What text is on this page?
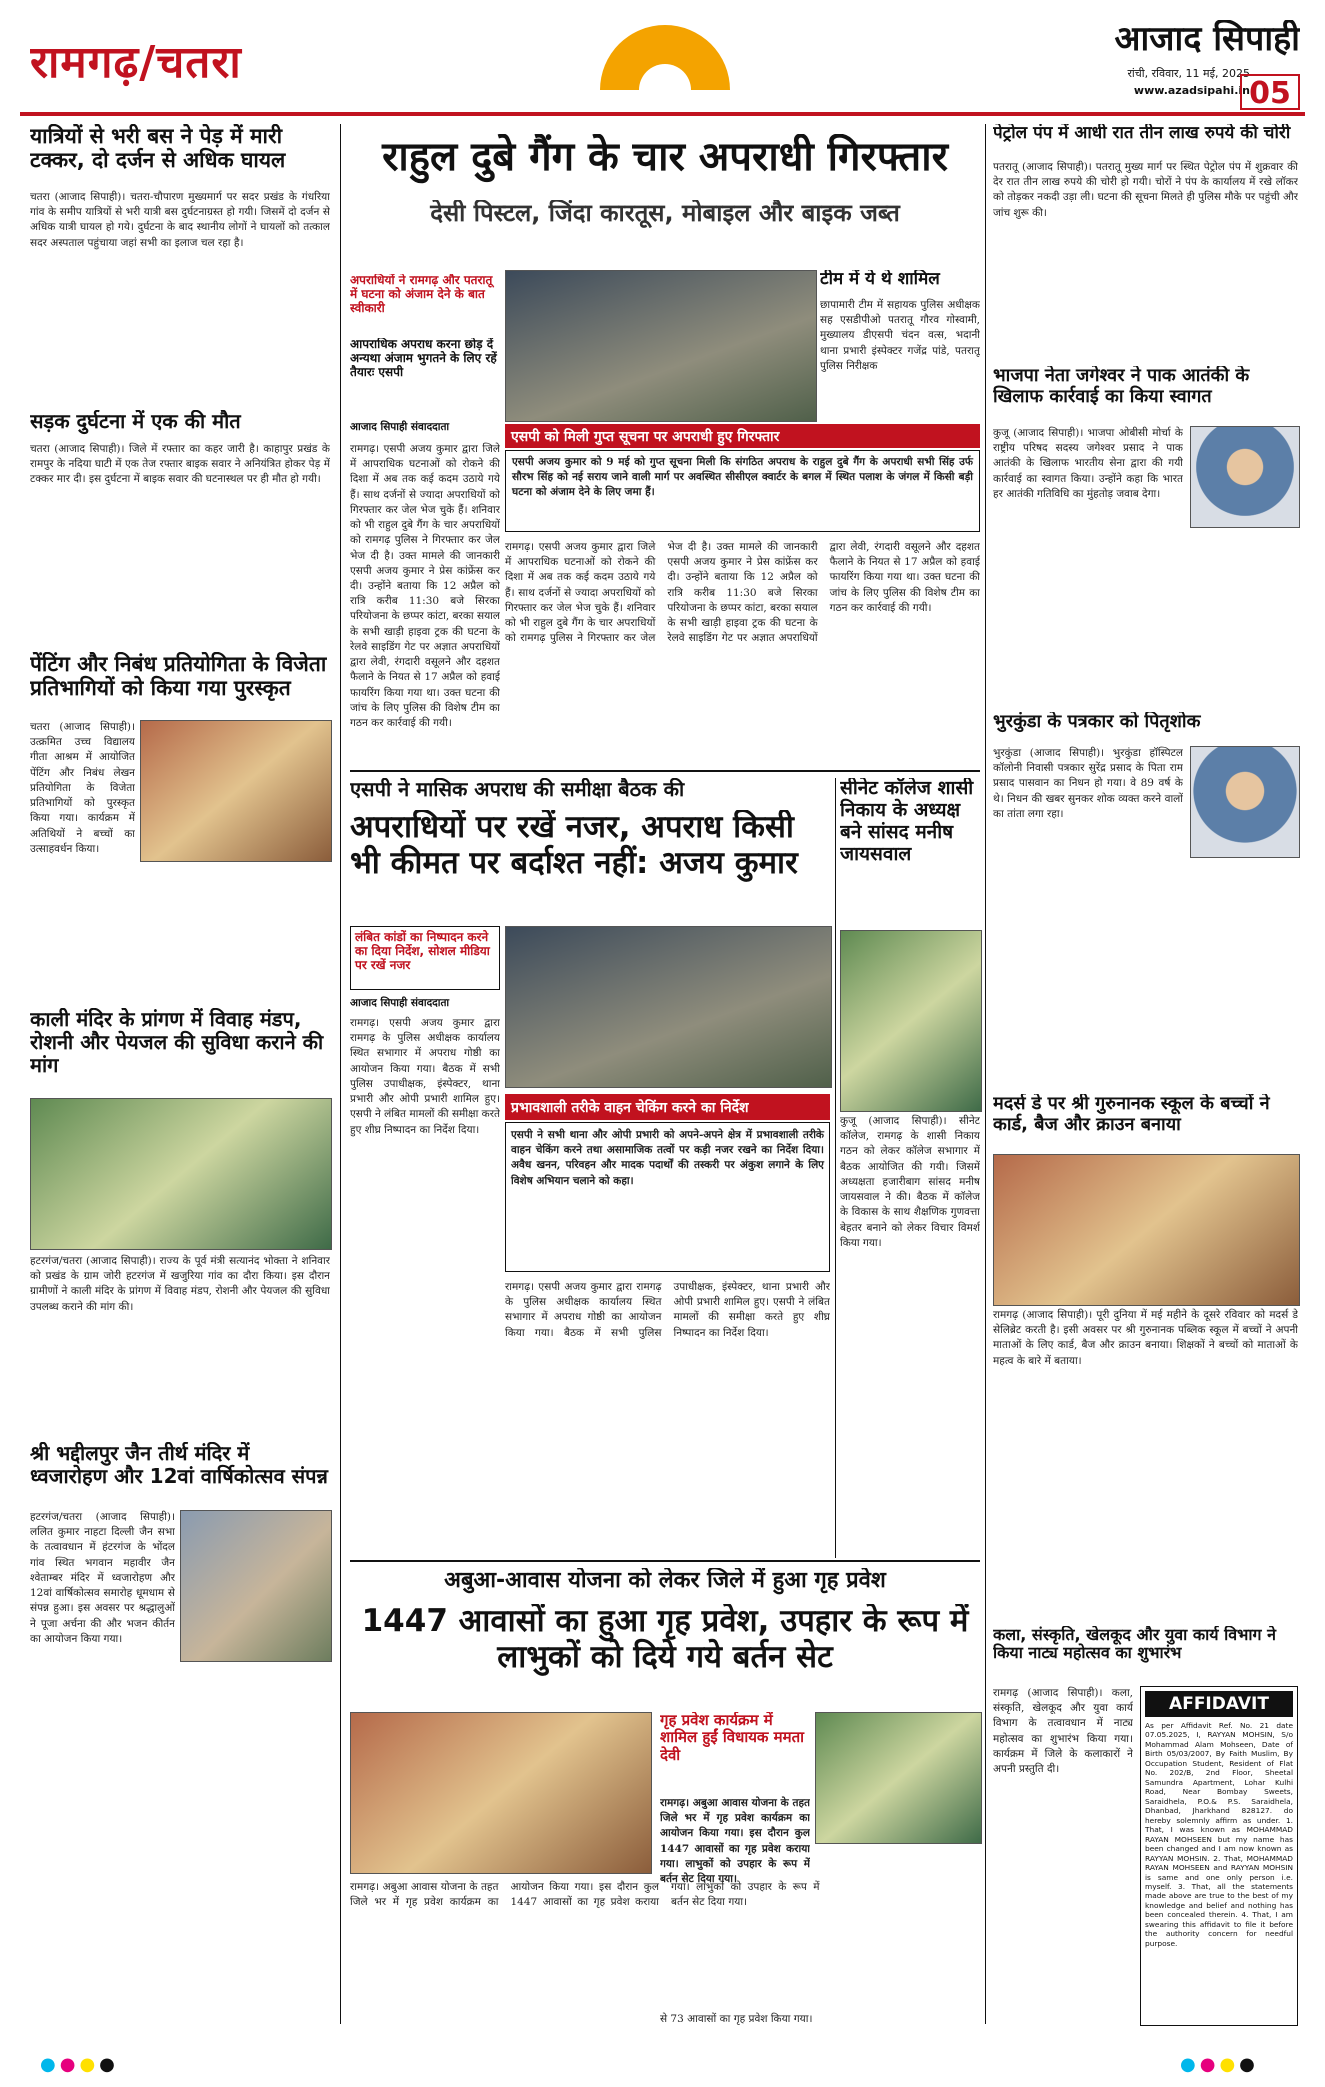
रामगढ़/चतरा	आजाद सिपाही
रांची, रविवार, 11 मई, 2025
www.azadsipahi.in 05
यात्रियों से भरी बस ने पेड़ में मारी टक्कर, दो दर्जन से अधिक घायल
चतरा (आजाद सिपाही)। चतरा-चौपारण मुख्यमार्ग पर सदर प्रखंड के गंधरिया गांव के समीप यात्रियों से भरी यात्री बस दुर्घटनाग्रस्त हो गयी। जिसमें दो दर्जन से अधिक यात्री घायल हो गये। दुर्घटना के बाद स्थानीय लोगों ने घायलों को तत्काल सदर अस्पताल पहुंचाया जहां सभी का इलाज चल रहा है।
सड़क दुर्घटना में एक की मौत
चतरा (आजाद सिपाही)। जिले में रफ्तार का कहर जारी है। काहापुर प्रखंड के रामपुर के नदिया घाटी में एक तेज रफ्तार बाइक सवार ने अनियंत्रित होकर पेड़ में टक्कर मार दी। इस दुर्घटना में बाइक सवार की घटनास्थल पर ही मौत हो गयी।
पेंटिंग और निबंध प्रतियोगिता के विजेता प्रतिभागियों को किया गया पुरस्कृत
चतरा (आजाद सिपाही)। उत्क्रमित उच्च विद्यालय गीता आश्रम में आयोजित पेंटिंग और निबंध लेखन प्रतियोगिता के विजेता प्रतिभागियों को पुरस्कृत किया गया। कार्यक्रम में अतिथियों ने बच्चों का उत्साहवर्धन किया।
काली मंदिर के प्रांगण में विवाह मंडप, रोशनी और पेयजल की सुविधा कराने की मांग
हटरगंज/चतरा (आजाद सिपाही)। राज्य के पूर्व मंत्री सत्यानंद भोक्ता ने शनिवार को प्रखंड के ग्राम जोरी हटरगंज में खजुरिया गांव का दौरा किया। इस दौरान ग्रामीणों ने काली मंदिर के प्रांगण में विवाह मंडप, रोशनी और पेयजल की सुविधा उपलब्ध कराने की मांग की।
श्री भद्दीलपुर जैन तीर्थ मंदिर में ध्वजारोहण और 12वां वार्षिकोत्सव संपन्न
हटरगंज/चतरा (आजाद सिपाही)। ललित कुमार नाहटा दिल्ली जैन सभा के तत्वावधान में हंटरगंज के भोंदल गांव स्थित भगवान महावीर जैन श्वेताम्बर मंदिर में ध्वजारोहण और 12वां वार्षिकोत्सव समारोह धूमधाम से संपन्न हुआ। इस अवसर पर श्रद्धालुओं ने पूजा अर्चना की और भजन कीर्तन का आयोजन किया गया।
राहुल दुबे गैंग के चार अपराधी गिरफ्तार
देसी पिस्टल, जिंदा कारतूस, मोबाइल और बाइक जब्त
अपराधियों ने रामगढ़ और पतरातू में घटना को अंजाम देने के बात स्वीकारी
आपराधिक अपराध करना छोड़ दें अन्यथा अंजाम भुगतने के लिए रहें तैयारः एसपी
टीम में ये थे शामिल
छापामारी टीम में सहायक पुलिस अधीक्षक सह एसडीपीओ पतरातू गौरव गोस्वामी, मुख्यालय डीएसपी चंदन वत्स, भदानी थाना प्रभारी इंस्पेक्टर गजेंद्र पांडे, पतरातू पुलिस निरीक्षक
एसपी को मिली गुप्त सूचना पर अपराधी हुए गिरफ्तार
एसपी अजय कुमार को 9 मई को गुप्त सूचना मिली कि संगठित अपराध के राहुल दुबे गैंग के अपराधी सभी सिंह उर्फ सौरभ सिंह को नई सराय जाने वाली मार्ग पर अवस्थित सीसीएल क्वार्टर के बगल में स्थित पलाश के जंगल में किसी बड़ी घटना को अंजाम देने के लिए जमा हैं।
आजाद सिपाही संवाददाता
रामगढ़। एसपी अजय कुमार द्वारा जिले में आपराधिक घटनाओं को रोकने की दिशा में अब तक कई कदम उठाये गये हैं। साथ दर्जनों से ज्यादा अपराधियों को गिरफ्तार कर जेल भेज चुके हैं। शनिवार को भी राहुल दुबे गैंग के चार अपराधियों को रामगढ़ पुलिस ने गिरफ्तार कर जेल भेज दी है। उक्त मामले की जानकारी एसपी अजय कुमार ने प्रेस कांफ्रेंस कर दी। उन्होंने बताया कि 12 अप्रैल को रात्रि करीब 11:30 बजे सिरका परियोजना के छप्पर कांटा, बरका सयाल के सभी खाड़ी हाइवा ट्रक की घटना के रेलवे साइडिंग गेट पर अज्ञात अपराधियों द्वारा लेवी, रंगदारी वसूलने और दहशत फैलाने के नियत से 17 अप्रैल को हवाई फायरिंग किया गया था। उक्त घटना की जांच के लिए पुलिस की विशेष टीम का गठन कर कार्रवाई की गयी।
रामगढ़। एसपी अजय कुमार द्वारा जिले में आपराधिक घटनाओं को रोकने की दिशा में अब तक कई कदम उठाये गये हैं। साथ दर्जनों से ज्यादा अपराधियों को गिरफ्तार कर जेल भेज चुके हैं। शनिवार को भी राहुल दुबे गैंग के चार अपराधियों को रामगढ़ पुलिस ने गिरफ्तार कर जेल भेज दी है। उक्त मामले की जानकारी एसपी अजय कुमार ने प्रेस कांफ्रेंस कर दी। उन्होंने बताया कि 12 अप्रैल को रात्रि करीब 11:30 बजे सिरका परियोजना के छप्पर कांटा, बरका सयाल के सभी खाड़ी हाइवा ट्रक की घटना के रेलवे साइडिंग गेट पर अज्ञात अपराधियों द्वारा लेवी, रंगदारी वसूलने और दहशत फैलाने के नियत से 17 अप्रैल को हवाई फायरिंग किया गया था। उक्त घटना की जांच के लिए पुलिस की विशेष टीम का गठन कर कार्रवाई की गयी।
एसपी ने मासिक अपराध की समीक्षा बैठक की
अपराधियों पर रखें नजर, अपराध किसी भी कीमत पर बर्दाश्त नहीं: अजय कुमार
लंबित कांडों का निष्पादन करने का दिया निर्देश, सोशल मीडिया पर रखें नजर
आजाद सिपाही संवाददाता
रामगढ़। एसपी अजय कुमार द्वारा रामगढ़ के पुलिस अधीक्षक कार्यालय स्थित सभागार में अपराध गोष्ठी का आयोजन किया गया। बैठक में सभी पुलिस उपाधीक्षक, इंस्पेक्टर, थाना प्रभारी और ओपी प्रभारी शामिल हुए। एसपी ने लंबित मामलों की समीक्षा करते हुए शीघ्र निष्पादन का निर्देश दिया।
प्रभावशाली तरीके वाहन चेकिंग करने का निर्देश
एसपी ने सभी थाना और ओपी प्रभारी को अपने-अपने क्षेत्र में प्रभावशाली तरीके वाहन चेकिंग करने तथा असामाजिक तत्वों पर कड़ी नजर रखने का निर्देश दिया। अवैध खनन, परिवहन और मादक पदार्थों की तस्करी पर अंकुश लगाने के लिए विशेष अभियान चलाने को कहा।
रामगढ़। एसपी अजय कुमार द्वारा रामगढ़ के पुलिस अधीक्षक कार्यालय स्थित सभागार में अपराध गोष्ठी का आयोजन किया गया। बैठक में सभी पुलिस उपाधीक्षक, इंस्पेक्टर, थाना प्रभारी और ओपी प्रभारी शामिल हुए। एसपी ने लंबित मामलों की समीक्षा करते हुए शीघ्र निष्पादन का निर्देश दिया।
सीनेट कॉलेज शासी निकाय के अध्यक्ष बने सांसद मनीष जायसवाल
कुजू (आजाद सिपाही)। सीनेट कॉलेज, रामगढ़ के शासी निकाय गठन को लेकर कॉलेज सभागार में बैठक आयोजित की गयी। जिसमें अध्यक्षता हजारीबाग सांसद मनीष जायसवाल ने की। बैठक में कॉलेज के विकास के साथ शैक्षणिक गुणवत्ता बेहतर बनाने को लेकर विचार विमर्श किया गया।
अबुआ-आवास योजना को लेकर जिले में हुआ गृह प्रवेश
1447 आवासों का हुआ गृह प्रवेश, उपहार के रूप में लाभुकों को दिये गये बर्तन सेट
गृह प्रवेश कार्यक्रम में शामिल हुईं विधायक ममता देवी
रामगढ़। अबुआ आवास योजना के तहत जिले भर में गृह प्रवेश कार्यक्रम का आयोजन किया गया। इस दौरान कुल 1447 आवासों का गृह प्रवेश कराया गया। लाभुकों को उपहार के रूप में बर्तन सेट दिया गया।
रामगढ़। अबुआ आवास योजना के तहत जिले भर में गृह प्रवेश कार्यक्रम का आयोजन किया गया। इस दौरान कुल 1447 आवासों का गृह प्रवेश कराया गया। लाभुकों को उपहार के रूप में बर्तन सेट दिया गया।
से 73 आवासों का गृह प्रवेश किया गया।
पेट्रोल पंप में आधी रात तीन लाख रुपये की चोरी
पतरातू (आजाद सिपाही)। पतरातू मुख्य मार्ग पर स्थित पेट्रोल पंप में शुक्रवार की देर रात तीन लाख रुपये की चोरी हो गयी। चोरों ने पंप के कार्यालय में रखे लॉकर को तोड़कर नकदी उड़ा ली। घटना की सूचना मिलते ही पुलिस मौके पर पहुंची और जांच शुरू की।
भाजपा नेता जगेश्वर ने पाक आतंकी के खिलाफ कार्रवाई का किया स्वागत
कुजू (आजाद सिपाही)। भाजपा ओबीसी मोर्चा के राष्ट्रीय परिषद सदस्य जगेश्वर प्रसाद ने पाक आतंकी के खिलाफ भारतीय सेना द्वारा की गयी कार्रवाई का स्वागत किया। उन्होंने कहा कि भारत हर आतंकी गतिविधि का मुंहतोड़ जवाब देगा।
भुरकुंडा के पत्रकार को पितृशोक
भुरकुंडा (आजाद सिपाही)। भुरकुंडा हॉस्पिटल कॉलोनी निवासी पत्रकार सुरेंद्र प्रसाद के पिता राम प्रसाद पासवान का निधन हो गया। वे 89 वर्ष के थे। निधन की खबर सुनकर शोक व्यक्त करने वालों का तांता लगा रहा।
मदर्स डे पर श्री गुरुनानक स्कूल के बच्चों ने कार्ड, बैज और क्राउन बनाया
रामगढ़ (आजाद सिपाही)। पूरी दुनिया में मई महीने के दूसरे रविवार को मदर्स डे सेलिब्रेट करती है। इसी अवसर पर श्री गुरुनानक पब्लिक स्कूल में बच्चों ने अपनी माताओं के लिए कार्ड, बैज और क्राउन बनाया। शिक्षकों ने बच्चों को माताओं के महत्व के बारे में बताया।
कला, संस्कृति, खेलकूद और युवा कार्य विभाग ने किया नाट्य महोत्सव का शुभारंभ
रामगढ़ (आजाद सिपाही)। कला, संस्कृति, खेलकूद और युवा कार्य विभाग के तत्वावधान में नाट्य महोत्सव का शुभारंभ किया गया। कार्यक्रम में जिले के कलाकारों ने अपनी प्रस्तुति दी।
AFFIDAVIT
As per Affidavit Ref. No. 21 date 07.05.2025, I, RAYYAN MOHSIN, S/o Mohammad Alam Mohseen, Date of Birth 05/03/2007, By Faith Muslim, By Occupation Student, Resident of Flat No. 202/B, 2nd Floor, Sheetal Samundra Apartment, Lohar Kulhi Road, Near Bombay Sweets, Saraidhela, P.O.& P.S. Saraidhela, Dhanbad, Jharkhand 828127. do hereby solemnly affirm as under. 1. That, I was known as MOHAMMAD RAYAN MOHSEEN but my name has been changed and I am now known as RAYYAN MOHSIN. 2. That, MOHAMMAD RAYAN MOHSEEN and RAYYAN MOHSIN is same and one only person i.e. myself. 3. That, all the statements made above are true to the best of my knowledge and belief and nothing has been concealed therein. 4. That, I am swearing this affidavit to file it before the authority concern for needful purpose.
●●●●	●●●●
